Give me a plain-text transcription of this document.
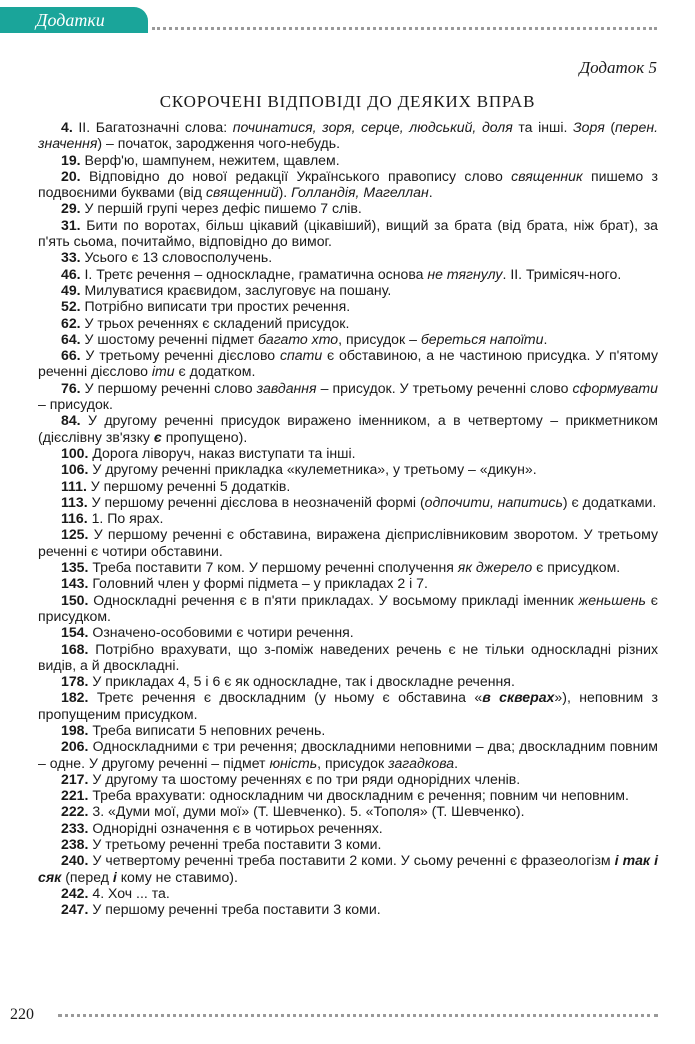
Додатки
Додаток 5
СКОРОЧЕНІ ВІДПОВІДІ ДО ДЕЯКИХ ВПРАВ

4. ІІ. Багатозначні слова: починатися, зоря, серце, людський, доля та інші. Зоря (перен. значення) – початок, зародження чого-небудь.

19. Верф'ю, шампунем, нежитем, щавлем.

20. Відповідно до нової редакції Українського правопису слово священник пишемо з подвоєними буквами (від священний). Голландія, Магеллан.

29. У першій групі через дефіс пишемо 7 слів.

31. Бити по воротах, більш цікавий (цікавіший), вищий за брата (від брата, ніж брат), за п'ять сьома, почитаймо, відповідно до вимог.

33. Усього є 13 словосполучень.

46. І. Третє речення – односкладне, граматична основа не тягнулу. ІІ. Тримісяч-ного.

49. Милуватися краєвидом, заслуговує на пошану.

52. Потрібно виписати три простих речення.

62. У трьох реченнях є складений присудок.

64. У шостому реченні підмет багато хто, присудок – береться напоїти.

66. У третьому реченні дієслово спати є обставиною, а не частиною присудка. У п'ятому реченні дієслово іти є додатком.

76. У першому реченні слово завдання – присудок. У третьому реченні слово сформувати – присудок.

84. У другому реченні присудок виражено іменником, а в четвертому – прикметником (дієслівну зв'язку є пропущено).

100. Дорога ліворуч, наказ виступати та інші.

106. У другому реченні прикладка «кулеметника», у третьому – «дикун».

111. У першому реченні 5 додатків.

113. У першому реченні дієслова в неозначеній формі (одпочити, напитись) є додатками.

116. 1. По ярах.

125. У першому реченні є обставина, виражена дієприслівниковим зворотом. У третьому реченні є чотири обставини.

135. Треба поставити 7 ком. У першому реченні сполучення як джерело є присудком.

143. Головний член у формі підмета – у прикладах 2 і 7.

150. Односкладні речення є в п'яти прикладах. У восьмому прикладі іменник женьшень є присудком.

154. Означено-особовими є чотири речення.

168. Потрібно врахувати, що з-поміж наведених речень є не тільки односкладні різних видів, а й двоскладні.

178. У прикладах 4, 5 і 6 є як односкладне, так і двоскладне речення.

182. Третє речення є двоскладним (у ньому є обставина «в скверах»), неповним з пропущеним присудком.

198. Треба виписати 5 неповних речень.

206. Односкладними є три речення; двоскладними неповними – два; двоскладним повним – одне. У другому реченні – підмет юність, присудок загадкова.

217. У другому та шостому реченнях є по три ряди однорідних членів.

221. Треба врахувати: односкладним чи двоскладним є речення; повним чи неповним.

222. 3. «Думи мої, думи мої» (Т. Шевченко). 5. «Тополя» (Т. Шевченко).

233. Однорідні означення є в чотирьох реченнях.

238. У третьому реченні треба поставити 3 коми.

240. У четвертому реченні треба поставити 2 коми. У сьому реченні є фразеологізм і так і сяк (перед і кому не ставимо).

242. 4. Хоч ... та.

247. У першому реченні треба поставити 3 коми.

220
